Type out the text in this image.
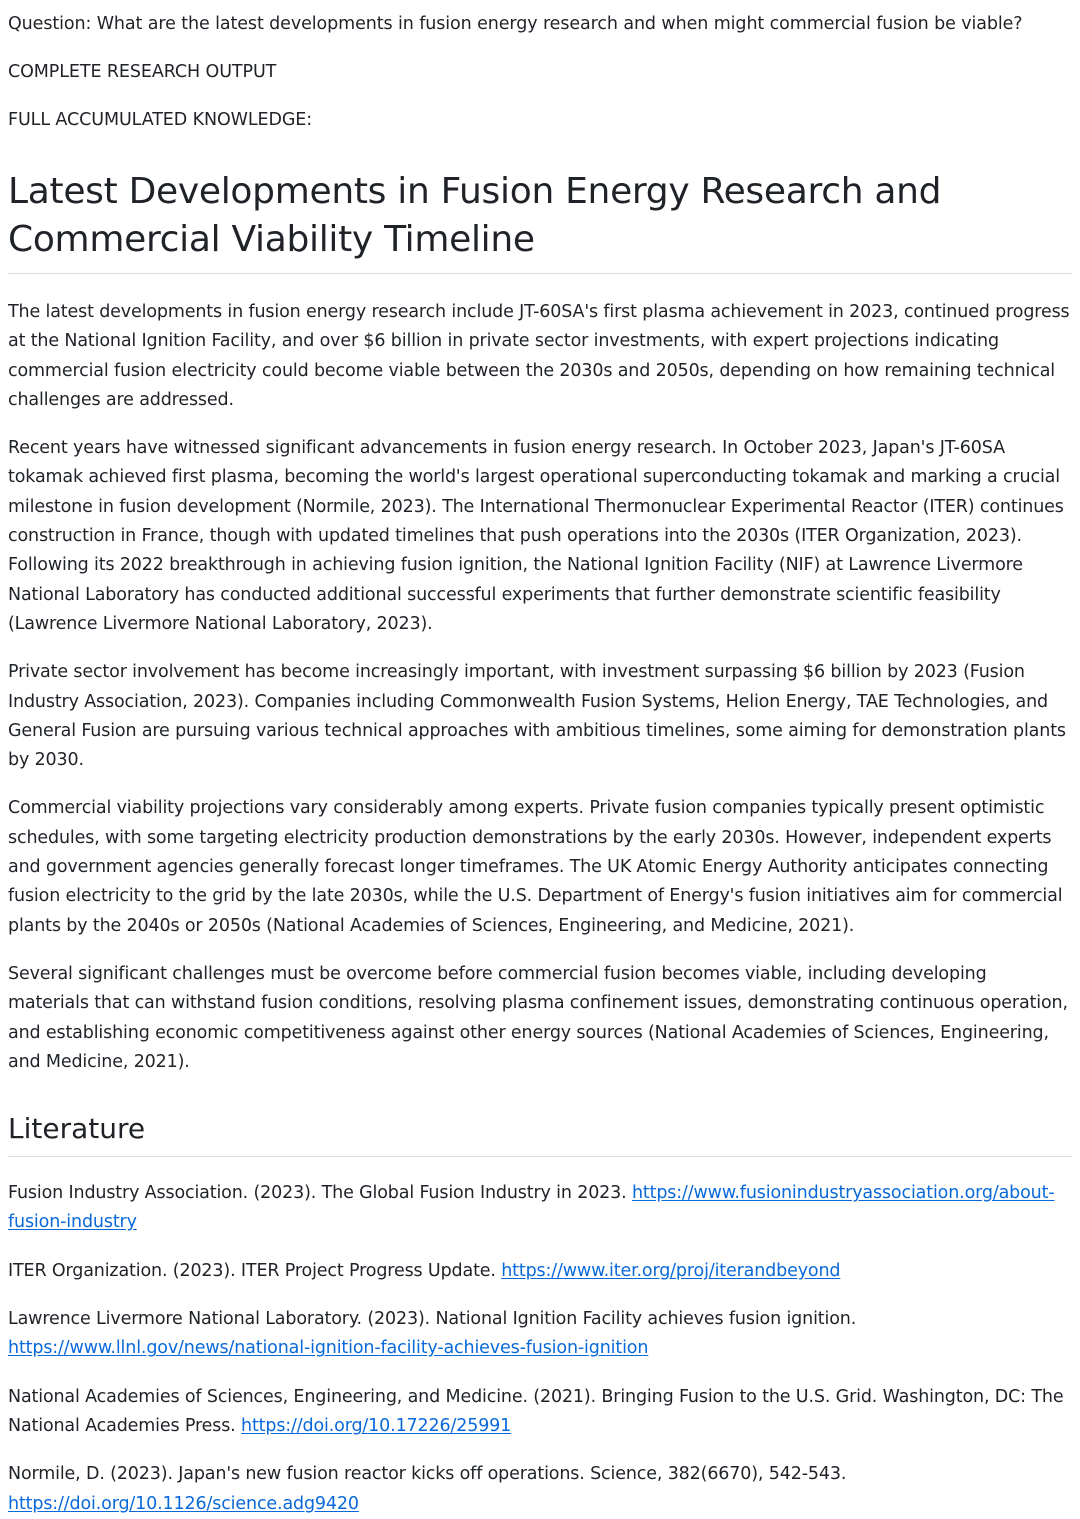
Question: What are the latest developments in fusion energy research and when might commercial fusion be viable?

COMPLETE RESEARCH OUTPUT

FULL ACCUMULATED KNOWLEDGE:

Latest Developments in Fusion Energy Research and Commercial Viability Timeline

The latest developments in fusion energy research include JT-60SA's first plasma achievement in 2023, continued progress at the National Ignition Facility, and over $6 billion in private sector investments, with expert projections indicating commercial fusion electricity could become viable between the 2030s and 2050s, depending on how remaining technical challenges are addressed.

Recent years have witnessed significant advancements in fusion energy research. In October 2023, Japan's JT-60SA tokamak achieved first plasma, becoming the world's largest operational superconducting tokamak and marking a crucial milestone in fusion development (Normile, 2023). The International Thermonuclear Experimental Reactor (ITER) continues construction in France, though with updated timelines that push operations into the 2030s (ITER Organization, 2023). Following its 2022 breakthrough in achieving fusion ignition, the National Ignition Facility (NIF) at Lawrence Livermore National Laboratory has conducted additional successful experiments that further demonstrate scientific feasibility (Lawrence Livermore National Laboratory, 2023).

Private sector involvement has become increasingly important, with investment surpassing $6 billion by 2023 (Fusion Industry Association, 2023). Companies including Commonwealth Fusion Systems, Helion Energy, TAE Technologies, and General Fusion are pursuing various technical approaches with ambitious timelines, some aiming for demonstration plants by 2030.

Commercial viability projections vary considerably among experts. Private fusion companies typically present optimistic schedules, with some targeting electricity production demonstrations by the early 2030s. However, independent experts and government agencies generally forecast longer timeframes. The UK Atomic Energy Authority anticipates connecting fusion electricity to the grid by the late 2030s, while the U.S. Department of Energy's fusion initiatives aim for commercial plants by the 2040s or 2050s (National Academies of Sciences, Engineering, and Medicine, 2021).

Several significant challenges must be overcome before commercial fusion becomes viable, including developing materials that can withstand fusion conditions, resolving plasma confinement issues, demonstrating continuous operation, and establishing economic competitiveness against other energy sources (National Academies of Sciences, Engineering, and Medicine, 2021).

Literature

Fusion Industry Association. (2023). The Global Fusion Industry in 2023. https://www.fusionindustryassociation.org/about-fusion-industry

ITER Organization. (2023). ITER Project Progress Update. https://www.iter.org/proj/iterandbeyond

Lawrence Livermore National Laboratory. (2023). National Ignition Facility achieves fusion ignition. https://www.llnl.gov/news/national-ignition-facility-achieves-fusion-ignition

National Academies of Sciences, Engineering, and Medicine. (2021). Bringing Fusion to the U.S. Grid. Washington, DC: The National Academies Press. https://doi.org/10.17226/25991

Normile, D. (2023). Japan's new fusion reactor kicks off operations. Science, 382(6670), 542-543. https://doi.org/10.1126/science.adg9420
